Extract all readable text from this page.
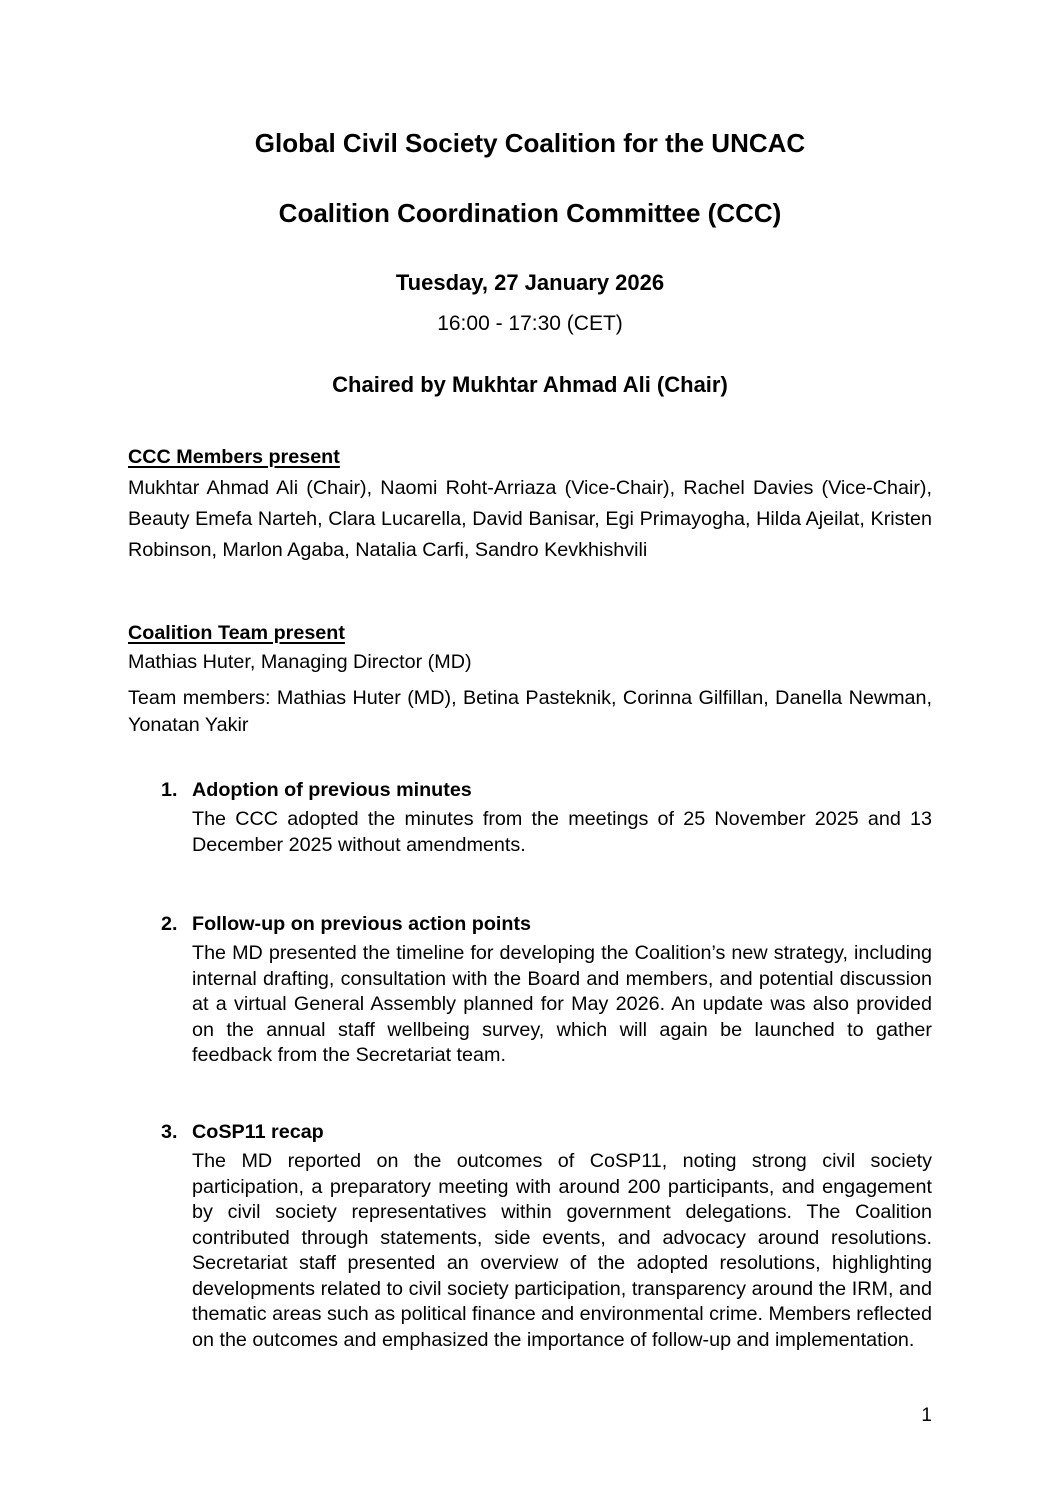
Global Civil Society Coalition for the UNCAC
Coalition Coordination Committee (CCC)
Tuesday, 27 January 2026
16:00 - 17:30 (CET)
Chaired by Mukhtar Ahmad Ali (Chair)
CCC Members present
Mukhtar Ahmad Ali (Chair), Naomi Roht-Arriaza (Vice-Chair), Rachel Davies (Vice-Chair), Beauty Emefa Narteh, Clara Lucarella, David Banisar, Egi Primayogha, Hilda Ajeilat, Kristen Robinson, Marlon Agaba, Natalia Carfi, Sandro Kevkhishvili
Coalition Team present
Mathias Huter, Managing Director (MD)
Team members: Mathias Huter (MD), Betina Pasteknik, Corinna Gilfillan, Danella Newman, Yonatan Yakir
1. Adoption of previous minutes
The CCC adopted the minutes from the meetings of 25 November 2025 and 13 December 2025 without amendments.
2. Follow-up on previous action points
The MD presented the timeline for developing the Coalition’s new strategy, including internal drafting, consultation with the Board and members, and potential discussion at a virtual General Assembly planned for May 2026. An update was also provided on the annual staff wellbeing survey, which will again be launched to gather feedback from the Secretariat team.
3. CoSP11 recap
The MD reported on the outcomes of CoSP11, noting strong civil society participation, a preparatory meeting with around 200 participants, and engagement by civil society representatives within government delegations. The Coalition contributed through statements, side events, and advocacy around resolutions. Secretariat staff presented an overview of the adopted resolutions, highlighting developments related to civil society participation, transparency around the IRM, and thematic areas such as political finance and environmental crime. Members reflected on the outcomes and emphasized the importance of follow-up and implementation.
1
